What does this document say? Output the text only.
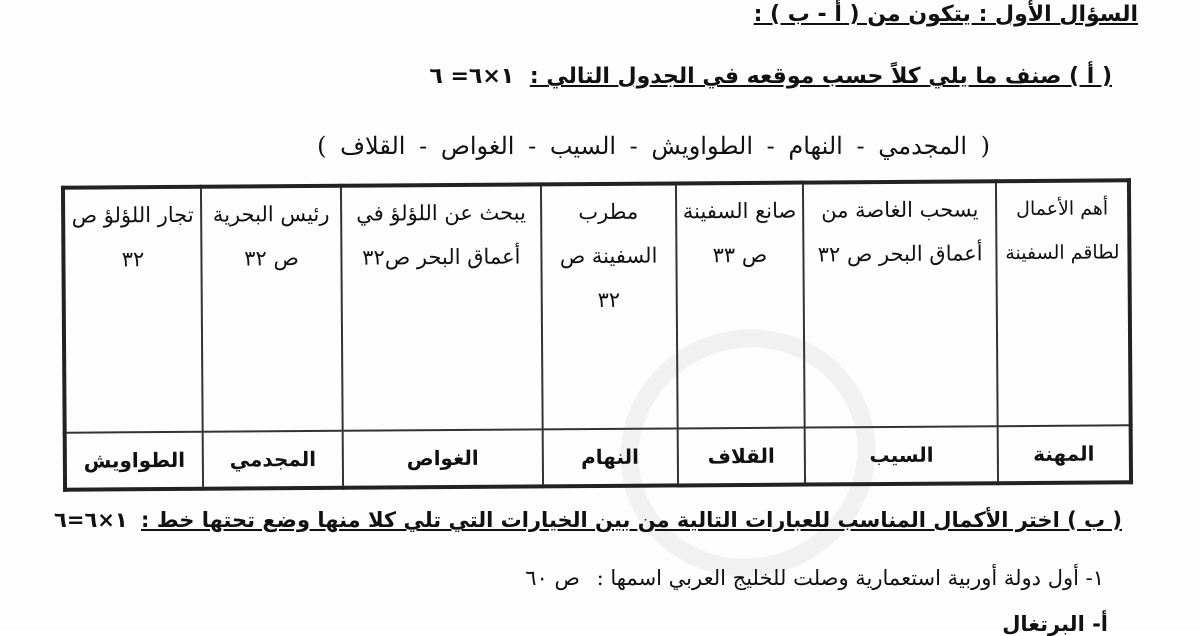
السؤال الأول : يتكون من ( أ - ب ) :
( أ ) صنف ما يلي كلاً حسب موقعه في الجدول التالي : ١×٦= ٦
( المجدمي - النهام - الطواويش - السيب - الغواص - القلاف )
أهم الأعمال لطاقم السفينة	يسحب الغاصة من أعماق البحر ص ٣٢	صانع السفينة ص ٣٣	مطرب السفينة ص ٣٢	يبحث عن اللؤلؤ في أعماق البحر ص٣٢	رئيس البحرية ص ٣٢	تجار اللؤلؤ ص ٣٢
المهنة	السيب	القلاف	النهام	الغواص	المجدمي	الطواويش
( ب ) اختر الأكمال المناسب للعبارات التالية من بين الخيارات التي تلي كلا منها وضع تحتها خط : ١×٦=٦
١- أول دولة أوربية استعمارية وصلت للخليج العربي اسمها : ص ٦٠
أ- البرتغال
